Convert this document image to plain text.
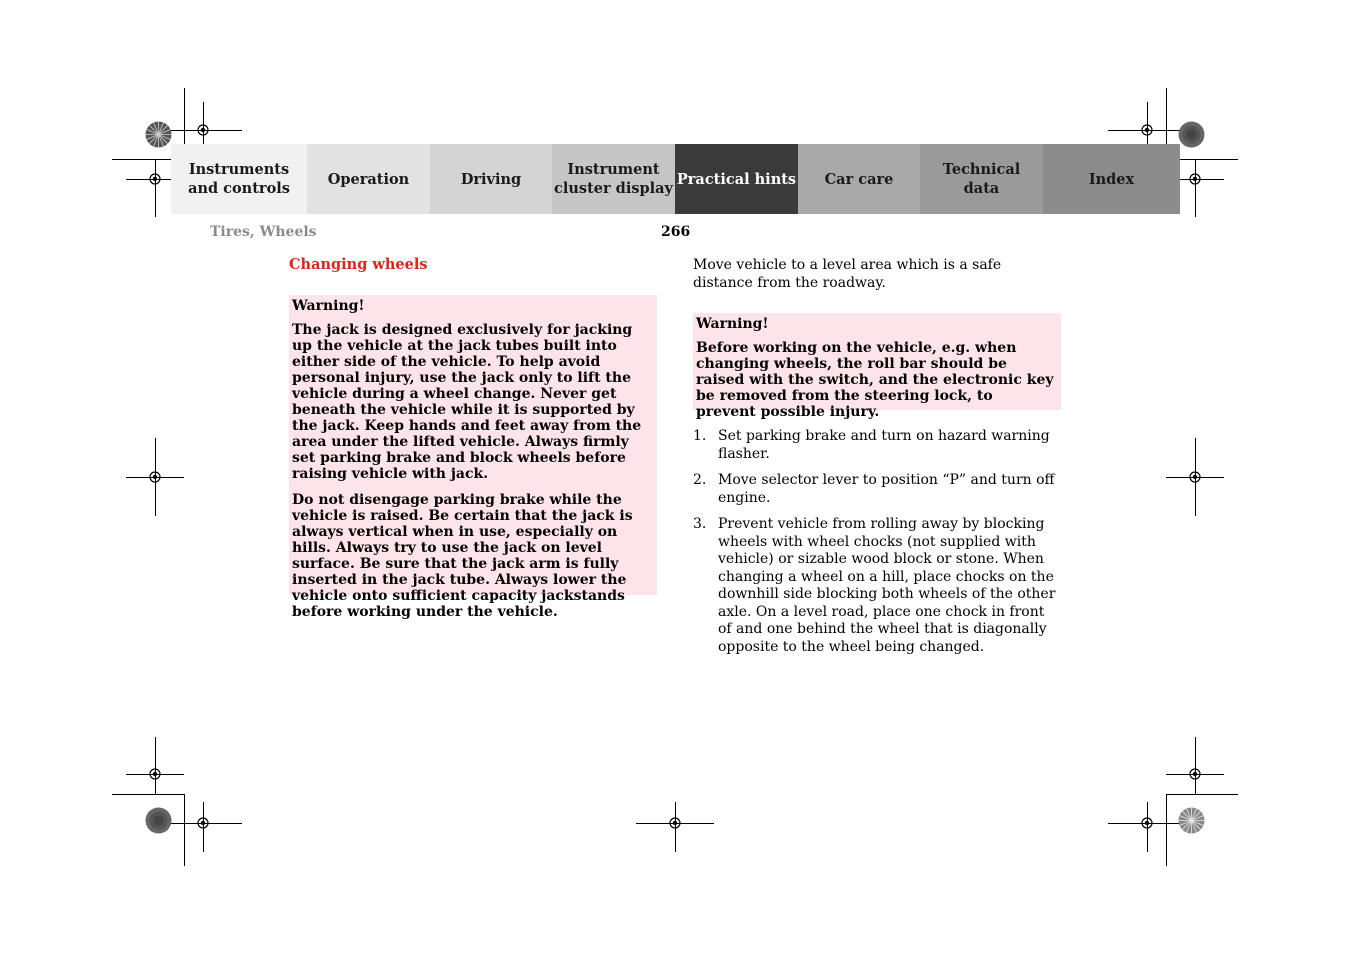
Instruments
and controls
Operation	Driving
Instrument
cluster display
Practical hints Car care
Technical
data
Index
Tires, Wheels	266
Changing wheels
Warning!

The jack is designed exclusively for jacking up the vehicle at the jack tubes built into either side of the vehicle. To help avoid personal injury, use the jack only to lift the vehicle during a wheel change. Never get beneath the vehicle while it is supported by the jack. Keep hands and feet away from the area under the lifted vehicle. Always firmly set parking brake and block wheels before raising vehicle with jack.

Do not disengage parking brake while the vehicle is raised. Be certain that the jack is always vertical when in use, especially on hills. Always try to use the jack on level surface. Be sure that the jack arm is fully inserted in the jack tube. Always lower the vehicle onto sufficient capacity jackstands before working under the vehicle.

Move vehicle to a level area which is a safe distance from the roadway.

Warning!

Before working on the vehicle, e.g. when changing wheels, the roll bar should be raised with the switch, and the electronic key be removed from the steering lock, to prevent possible injury.

1. Set parking brake and turn on hazard warning flasher.
2. Move selector lever to position “P” and turn off engine.
3. Prevent vehicle from rolling away by blocking wheels with wheel chocks (not supplied with vehicle) or sizable wood block or stone. When changing a wheel on a hill, place chocks on the downhill side blocking both wheels of the other axle. On a level road, place one chock in front of and one behind the wheel that is diagonally opposite to the wheel being changed.
